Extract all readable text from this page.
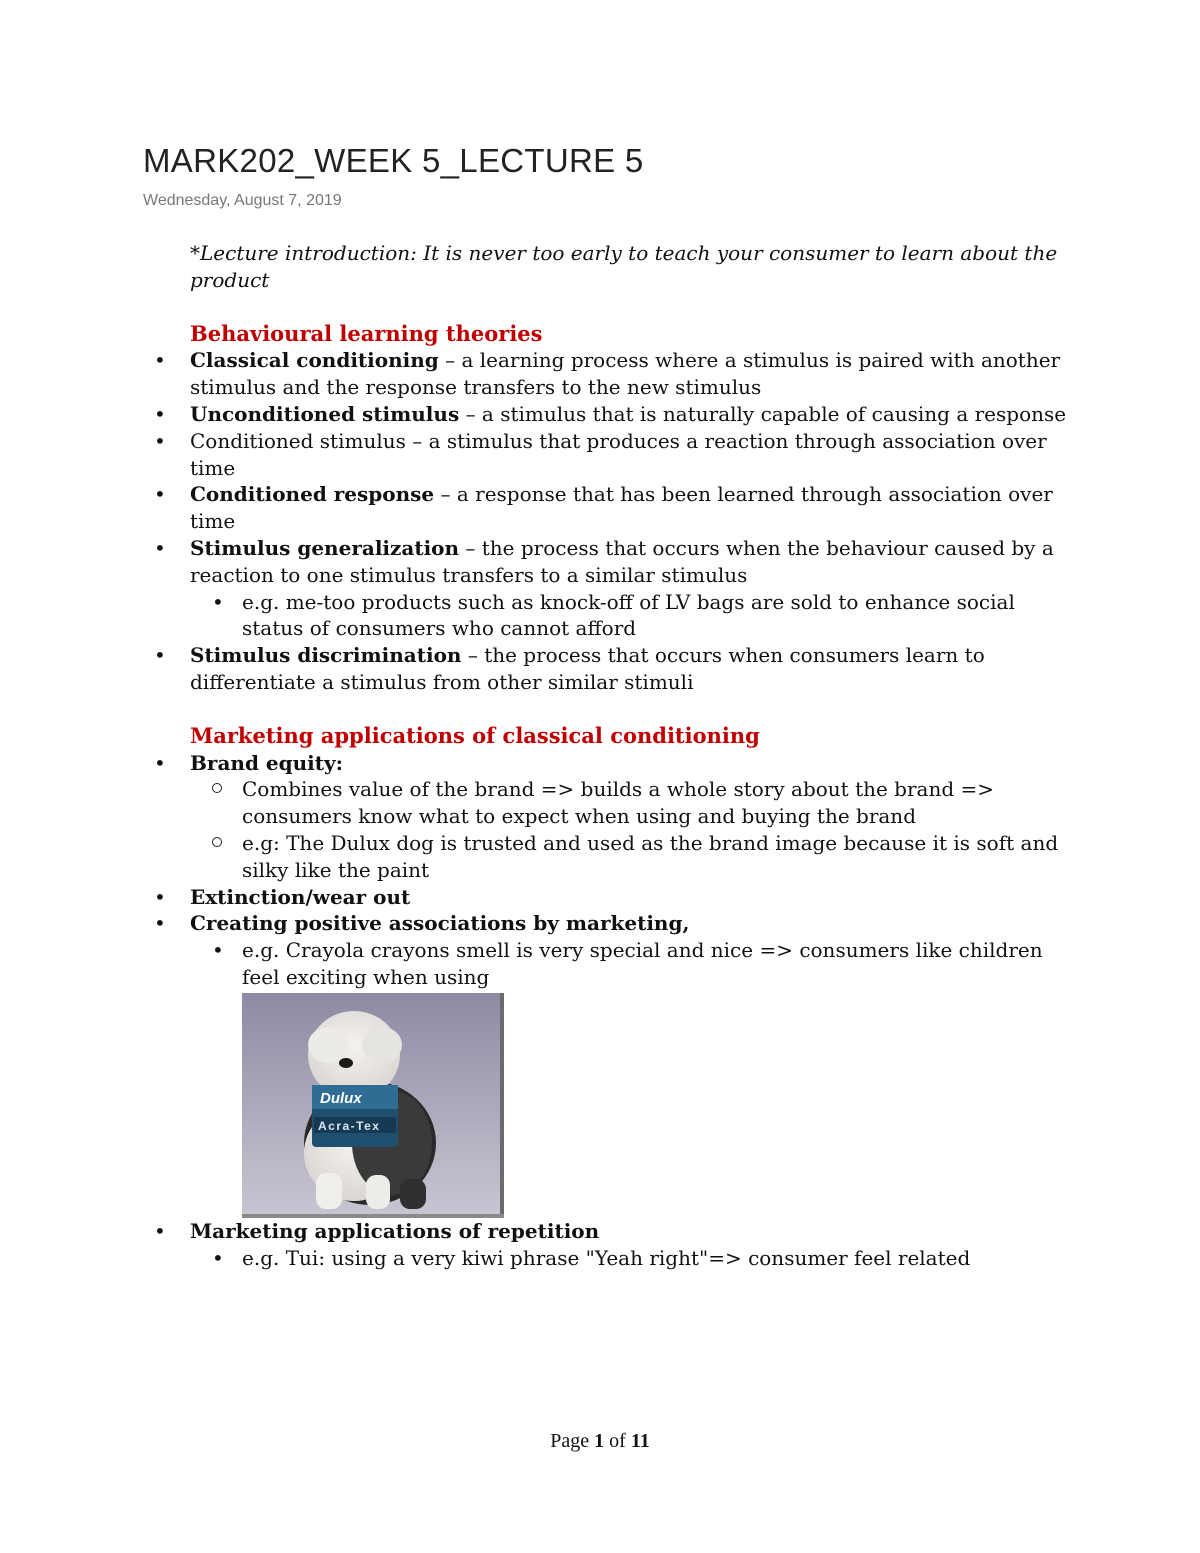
MARK202_WEEK 5_LECTURE 5
Wednesday, August 7, 2019

*Lecture introduction: It is never too early to teach your consumer to learn about the product

Behavioural learning theories

• Classical conditioning – a learning process where a stimulus is paired with another stimulus and the response transfers to the new stimulus
• Unconditioned stimulus – a stimulus that is naturally capable of causing a response
• Conditioned stimulus – a stimulus that produces a reaction through association over time
• Conditioned response – a response that has been learned through association over time
• Stimulus generalization – the process that occurs when the behaviour caused by a reaction to one stimulus transfers to a similar stimulus
• e.g. me-too products such as knock-off of LV bags are sold to enhance social status of consumers who cannot afford
• Stimulus discrimination – the process that occurs when consumers learn to differentiate a stimulus from other similar stimuli

Marketing applications of classical conditioning

• Brand equity:
Combines value of the brand => builds a whole story about the brand => consumers know what to expect when using and buying the brand
e.g: The Dulux dog is trusted and used as the brand image because it is soft and silky like the paint
• Extinction/wear out
• Creating positive associations by marketing,
• e.g. Crayola crayons smell is very special and nice => consumers like children feel exciting when using
Dulux
Acra-Tex
• Marketing applications of repetition
• e.g. Tui: using a very kiwi phrase "Yeah right"=> consumer feel related
Page 1 of 11
